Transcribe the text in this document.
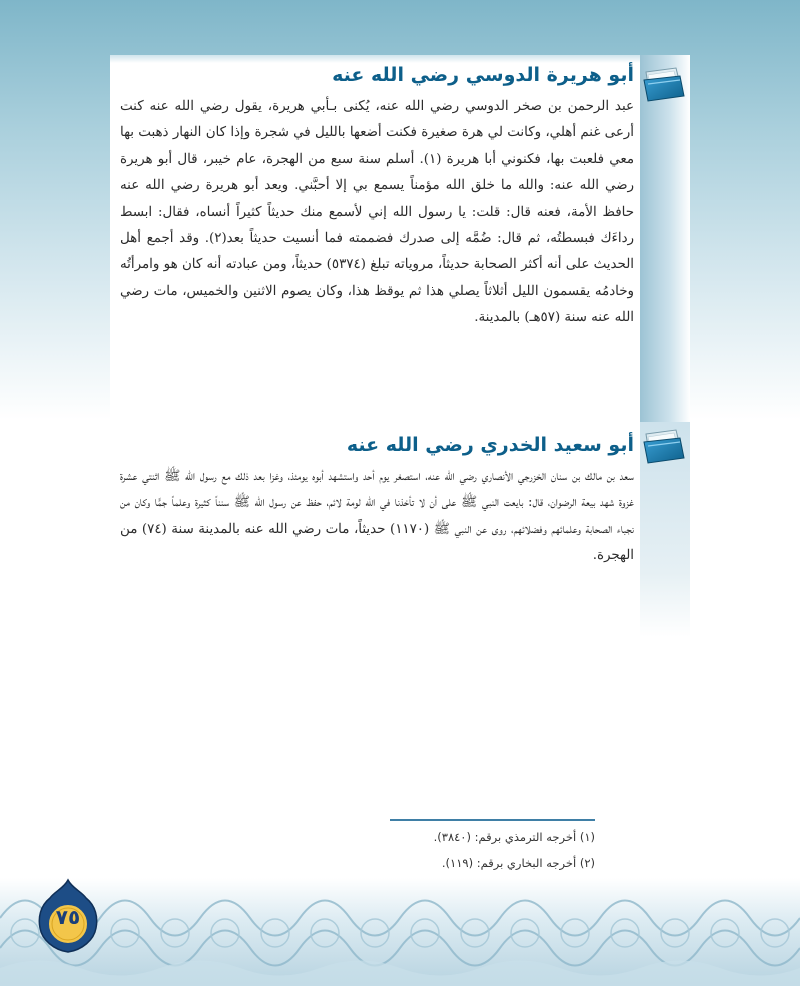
أبو هريرة الدوسي رضي الله عنه
عبد الرحمن بن صخر الدوسي رضي الله عنه، يُكنى بـأبي هريرة، يقول رضي الله عنه كنت أرعى غنم أهلي، وكانت لي هرة صغيرة فكنت أضعها بالليل في شجرة وإذا كان النهار ذهبت بها معي فلعبت بها، فكنوني أبا هريرة (١). أسلم سنة سبع من الهجرة، عام خيبر، قال أبو هريرة رضي الله عنه: والله ما خلق الله مؤمناً يسمع بي إلا أحبَّني. ويعد أبو هريرة رضي الله عنه حافظ الأمة، فعنه قال: قلت: يا رسول الله إني لأسمع منك حديثاً كثيراً أنساه، فقال: ابسط رداءَك فبسطتُه، ثم قال: ضُمَّه إلى صدرك فضممته فما أنسيت حديثاً بعد(٢). وقد أجمع أهل الحديث على أنه أكثر الصحابة حديثاً، مروياته تبلغ (٥٣٧٤) حديثاً، ومن عبادته أنه كان هو وامرأتُه وخادمُه يقسمون الليل أثلاثاً يصلي هذا ثم يوقظ هذا، وكان يصوم الاثنين والخميس، مات رضي الله عنه سنة (٥٧هـ) بالمدينة.
أبو سعيد الخدري رضي الله عنه
سعد بن مالك بن سنان الخزرجي الأنصاري رضي الله عنه، استصغر يوم أحد واستشهد أبوه يومئذ، وغزا بعد ذلك مع رسول الله ﷺ اثنتي عشرة غزوة شهد بيعة الرضوان، قال: بايعت النبي ﷺ على أن لا تأخذنا في الله لومة لائم، حفظ عن رسول الله ﷺ سنناً كثيرة وعلماً جمًّا وكان من نجباء الصحابة وعلمائهم وفضلائهم، روى عن النبي ﷺ (١١٧٠) حديثاً، مات رضي الله عنه بالمدينة سنة (٧٤) من الهجرة.
(١) أخرجه الترمذي برقم: (٣٨٤٠).
(٢) أخرجه البخاري برقم: (١١٩).
٧٥
